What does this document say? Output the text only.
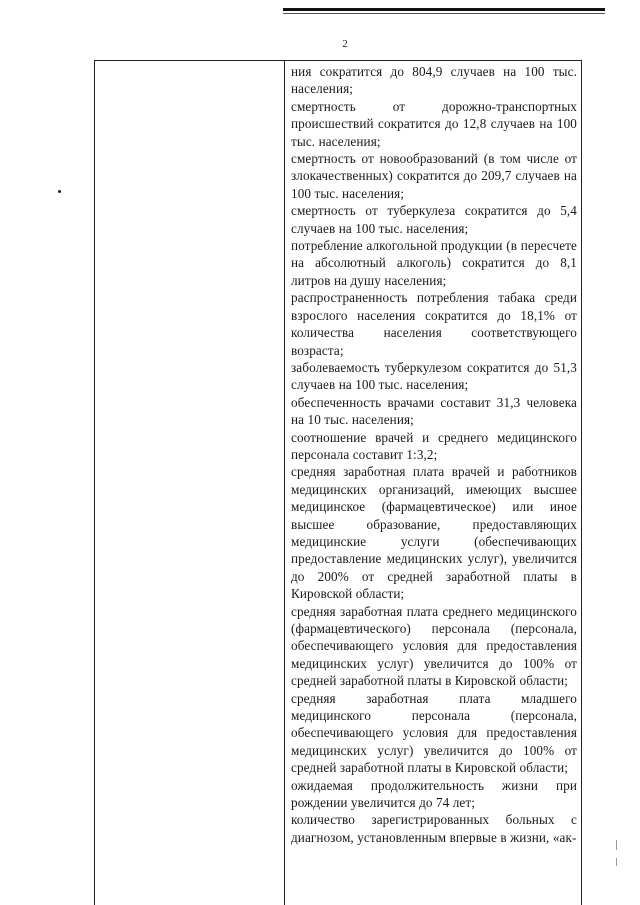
2

ния сократится до 804,9 случаев на 100 тыс. населения;

смертность от дорожно-транспортных происшествий сократится до 12,8 случаев на 100 тыс. населения;

смертность от новообразований (в том числе от злокачественных) сократится до 209,7 случаев на 100 тыс. населения;

смертность от туберкулеза сократится до 5,4 случаев на 100 тыс. населения;

потребление алкогольной продукции (в пересчете на абсолютный алкоголь) сократится до 8,1 литров на душу населения;

распространенность потребления табака среди взрослого населения сократится до 18,1% от количества населения соответствующего возраста;

заболеваемость туберкулезом сократится до 51,3 случаев на 100 тыс. населения;

обеспеченность врачами составит 31,3 человека на 10 тыс. населения;

соотношение врачей и среднего медицинского персонала составит 1:3,2;

средняя заработная плата врачей и работников медицинских организаций, имеющих высшее медицинское (фармацевтическое) или иное высшее образование, предоставляющих медицинские услуги (обеспечивающих предоставление медицинских услуг), увеличится до 200% от средней заработной платы в Кировской области;

средняя заработная плата среднего медицинского (фармацевтического) персонала (персонала, обеспечивающего условия для предоставления медицинских услуг) увеличится до 100% от средней заработной платы в Кировской области;

средняя заработная плата младшего медицинского персонала (персонала, обеспечивающего условия для предоставления медицинских услуг) увеличится до 100% от средней заработной платы в Кировской области;

ожидаемая продолжительность жизни при рождении увеличится до 74 лет;

количество зарегистрированных больных с диагнозом, установленным впервые в жизни, «ак-
